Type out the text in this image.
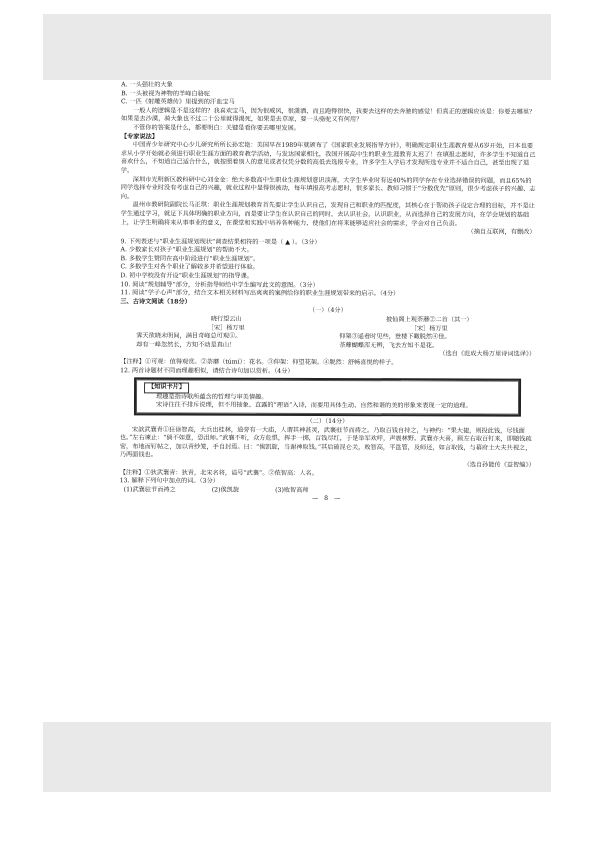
A. 一头强壮的大象

B. 一头被视为神物的羊峰白骆驼

C. 一匹《射雕英雄传》里提到的汗血宝马

一般人的逻辑是不是这样的？我喜欢宝马，因为很威风，很潇洒，而且跑得很快，我要去这样的去奔驰的感觉！但真正的逻辑应该是：你要去哪里？如果是去沙漠，骑大象也不过二十公里就得渴死，如果是去草原，要一头骆驼又有何用？

不管你的答案是什么，都要明白：关键是看你要去哪里发展。

【专家说法】

中国青少年研究中心少儿研究所所长孙宏艳：美国早在1989年就颁布了《国家职业发展指导方针》，明确规定职业生涯教育要从6岁开始，日本也要求从小学开始就必须进行职业生涯方面的教育教学活动，与发达国家相比，我国开展高中生的职业生涯教育太迟了！在填报志愿时，许多学生不知道自己喜欢什么，不知道自己适合什么，就按照着别人的意见或者仅凭分数的高低去选报专业，许多学生入学后才发现所选专业并不适合自己，甚至出现了退学。

深圳市光明新区教科研中心刘金金：绝大多数高中生职业生涯规划意识淡薄，大学生毕业时有近40%的同学存在专业选择错误的问题，而且65%的同学选择专业时没有考虑自己的兴趣，就业过程中显得很被动，每年填报高考志愿时，很多家长、教师习惯于“分数优先”原则，很少考虑孩子的兴趣、志向。

温州市教研院副院长马正琪：职业生涯规划教育首先要让学生认识自己，发现自己和职业的匹配度，其核心在于帮助孩子设定合理的目标，并不是让学生通过学习，就足下具体明确的职业方向，而是要让学生在认识自己的同时，去认识社会，认识职业，从而选择自己的发展方向，在学会规划的基础上，让学生明确将来从事事业的意义，在课堂和实践中培养各种能力，使他们在将来能够适应社会的需求，学会对自己负责。

（摘自互联网，有删改）

9. 下列表述与“职业生涯规划现状”调查结果相符的一项是（ ▲ ）。（3分）

A. 少数家长对孩子“职业生涯规划”的帮助不大。

B. 多数学生赞同在高中阶段进行“职业生涯规划”。

C. 多数学生对各个职业了解较多并希望进行体验。

D. 初中学校没有开设“职业生涯规划”的指导课。

10. 阅读“规划辅导”部分，分析指导师给中学生编写此文的意图。（3分）

11. 阅读“学子心声”部分，结合文本相关材料写出爽爽的案例给你的职业生涯规划带来的启示。（4分）

三、古诗文阅读（18分）

（一）（4分）

晓行望云山

［宋］杨万里

霁天欲晓未明间，满目奇峰总可观①。

却有一峰忽然长，方知不动是真山！

披仙阁上观荼蘼②二首（其一）

［宋］杨万里

仰架③遥看时见些，登楼下瞰脱然④佳。

荼蘼蝴蝶浑无辨，飞去方知不是花。

（选自《范成大杨万里诗词选译》）

【注释】①可观：值得观赏。②荼蘼（túmí）：花名。③仰架：仰望花架。④脱然：舒畅喜悦的样子。

12. 两首诗题材不同而理趣相似，请结合诗句加以赏析。（4分）

【知识卡片】

理趣是指诗歌所蕴含的哲理与审美情趣。

宋诗往往不排斥说理，但不用抽象、直露的“理语”入诗，而要用具体生动、自然和谐的美的形象来表现一定的道理。

（二）（14分）

宋歆武襄青①狂徐智高，大兵出桂林，道旁有一大庙，人谓其神甚灵，武襄驻节而祷之。乃取百钱自持之，与神约：“果大捷，则投此钱，尽钱面也。”左右谏止：“倘不如意，恐沮师。”武襄不听，众方危惧，挥手一掷，百钱尽红，于是举军欢呼，声震林野。武襄亦大喜，顾左右取百钉来，即随钱疏密，布地而钉帖之，加以青纱笼，手自封焉。曰：“俟凯旋，当谢神取钱。”其后破昆仑关，败智高，平邕管，及师还，如言取钱，与幕府士大夫共视之，乃两面钱也。

（选自孙能传《益智编》）

【注释】①狄武襄青：狄青，北宋名将，谥号“武襄”。②侬智高：人名。

13. 解释下列句中加点的词。（3分）

(1)武襄驻节而祷之	(2)俟凯旋	(3)败智高师

— 8 —
